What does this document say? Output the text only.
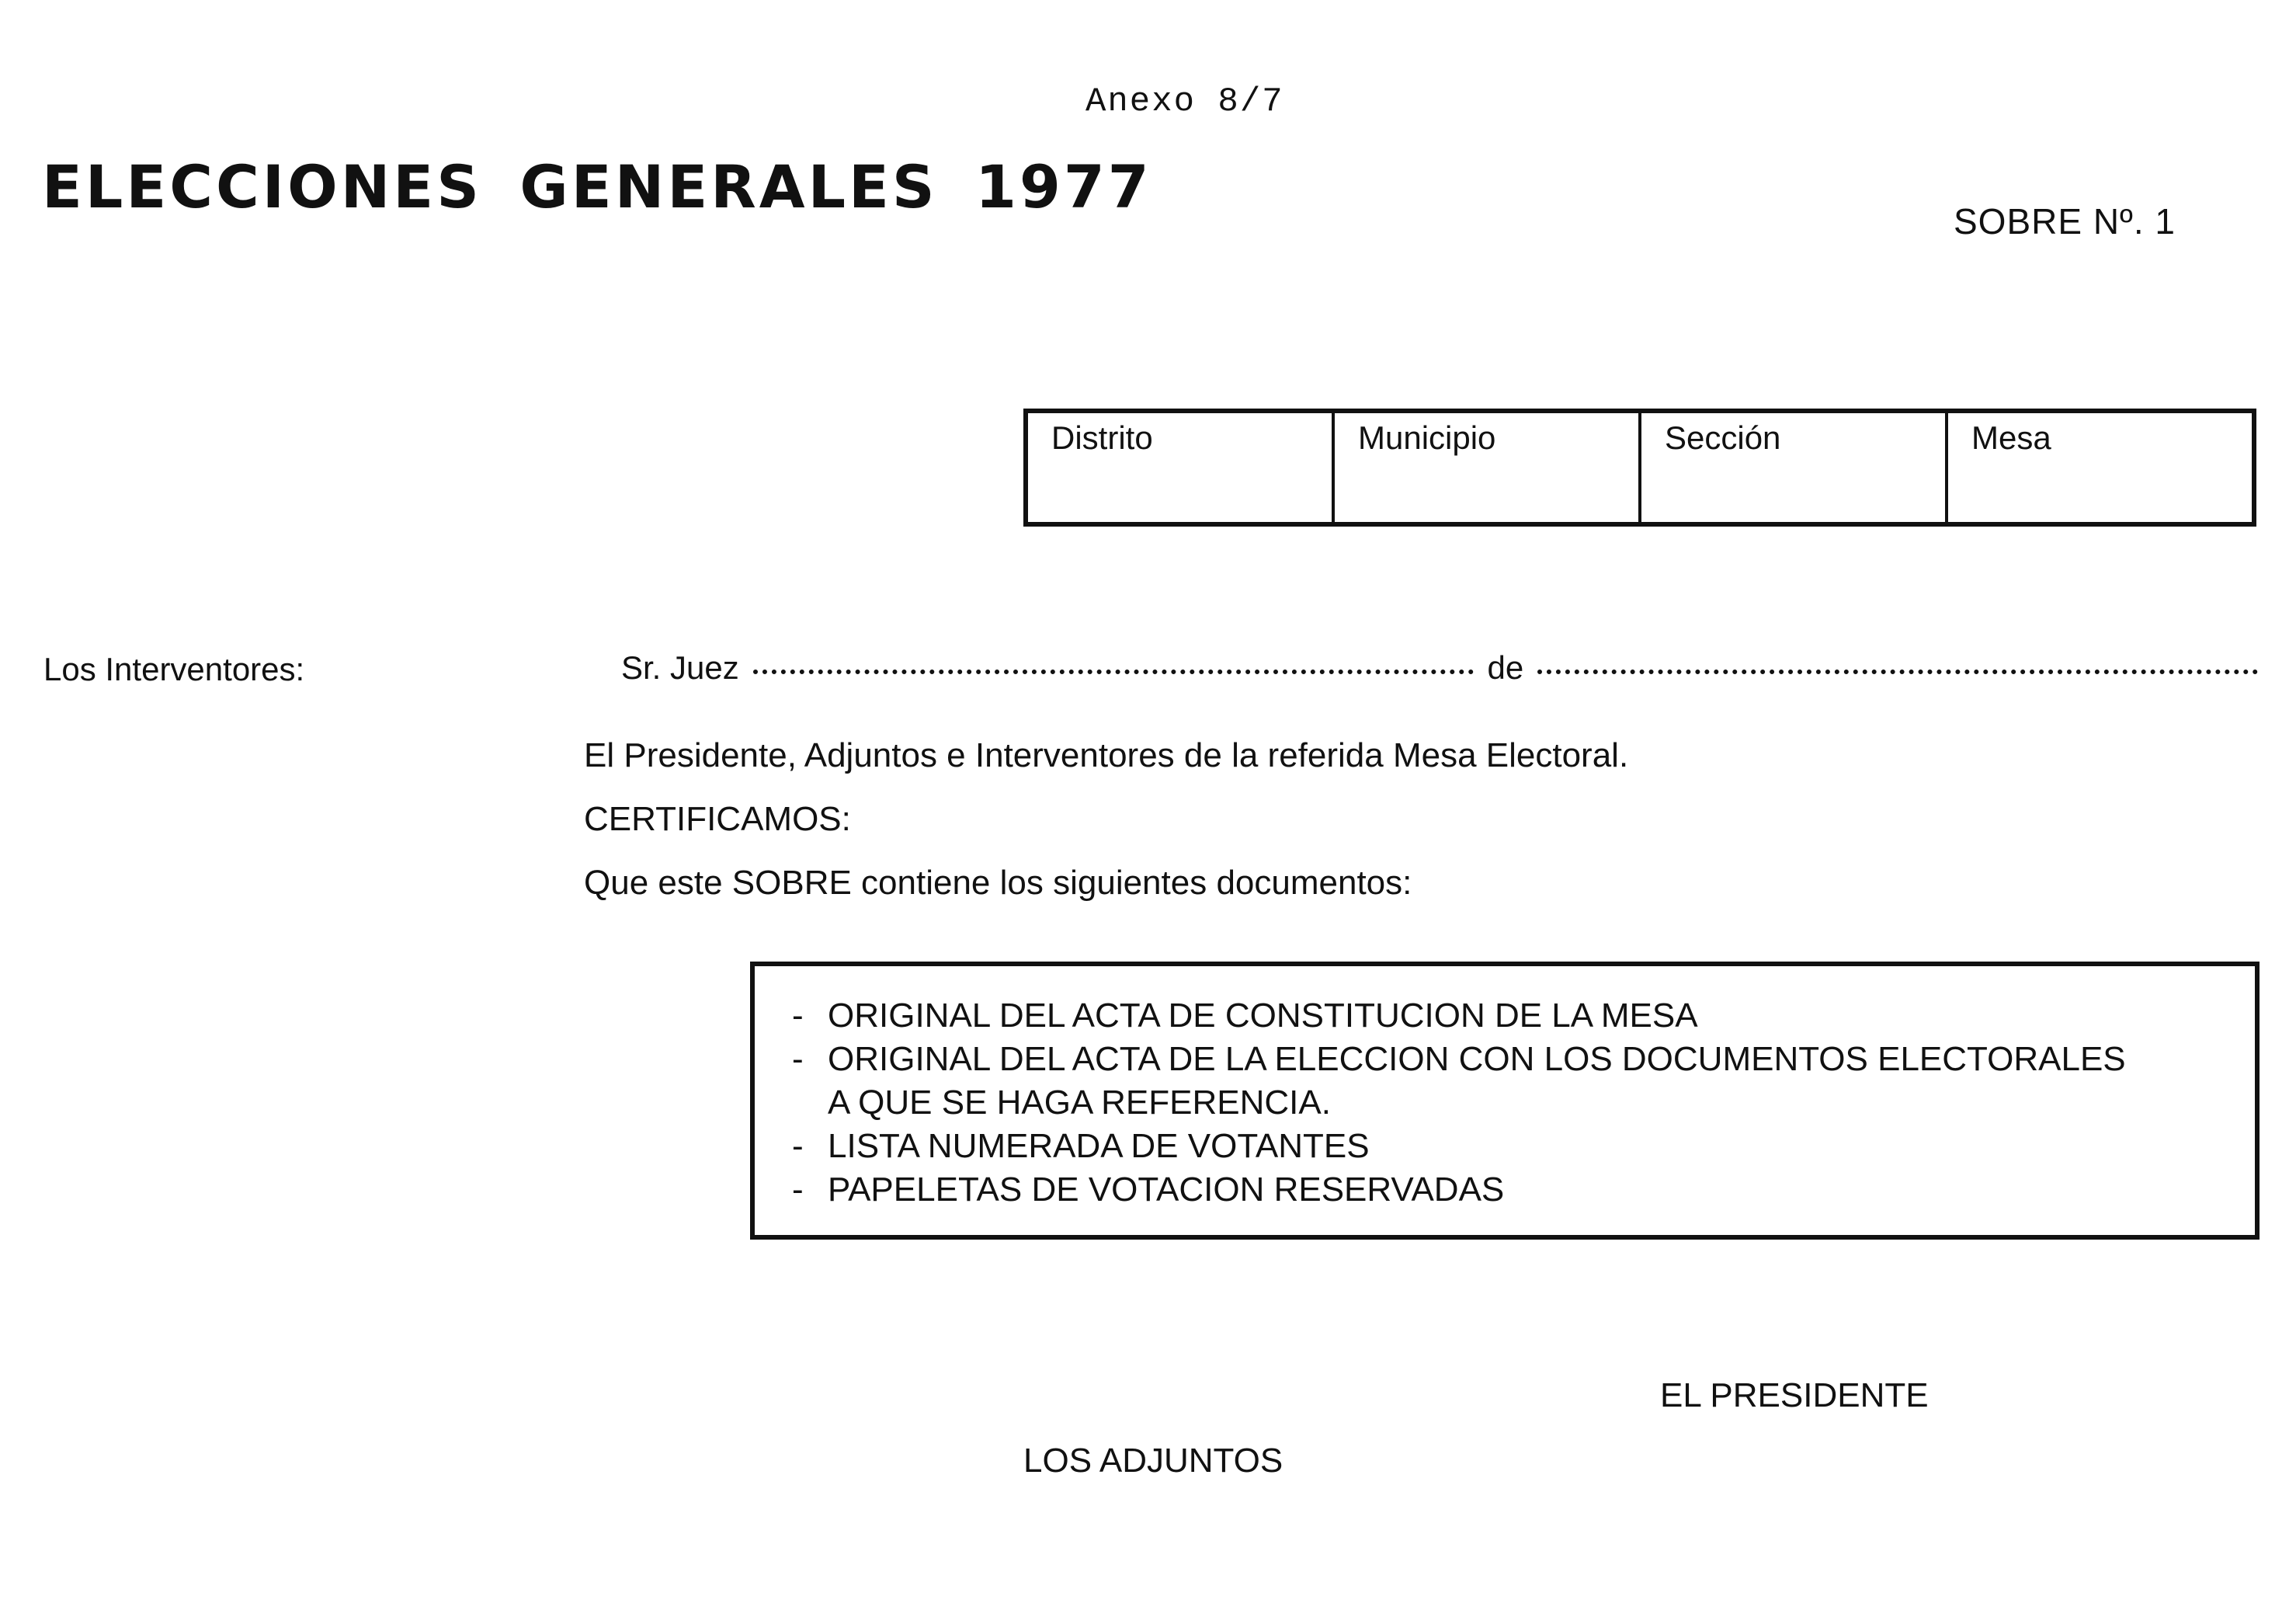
Anexo 8/7
ELECCIONES GENERALES 1977	SOBRE Nº. 1
Distrito	Municipio	Sección	Mesa
Los Interventores:	Sr. Juez	de
El Presidente, Adjuntos e Interventores de la referida Mesa Electoral.
CERTIFICAMOS:
Que este SOBRE contiene los siguientes documentos:
- ORIGINAL DEL ACTA DE CONSTITUCION DE LA MESA
- ORIGINAL DEL ACTA DE LA ELECCION CON LOS DOCUMENTOS ELECTORALES
A QUE SE HAGA REFERENCIA.
- LISTA NUMERADA DE VOTANTES
- PAPELETAS DE VOTACION RESERVADAS
EL PRESIDENTE
LOS ADJUNTOS
